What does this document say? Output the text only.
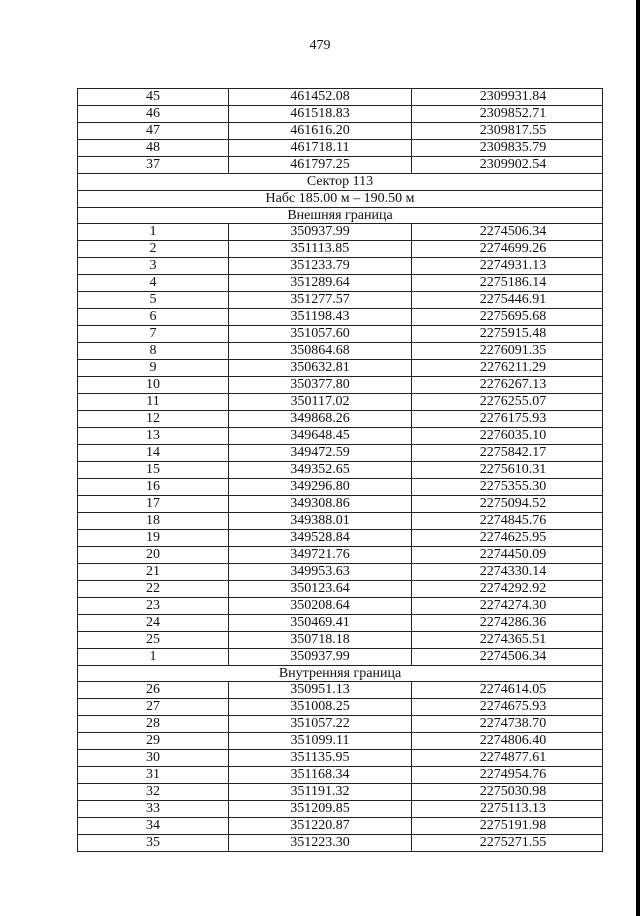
479
45	461452.08	2309931.84
46	461518.83	2309852.71
47	461616.20	2309817.55
48	461718.11	2309835.79
37	461797.25	2309902.54
Сектор 113		
Набс 185.00 м – 190.50 м		
Внешняя граница		
1	350937.99	2274506.34
2	351113.85	2274699.26
3	351233.79	2274931.13
4	351289.64	2275186.14
5	351277.57	2275446.91
6	351198.43	2275695.68
7	351057.60	2275915.48
8	350864.68	2276091.35
9	350632.81	2276211.29
10	350377.80	2276267.13
11	350117.02	2276255.07
12	349868.26	2276175.93
13	349648.45	2276035.10
14	349472.59	2275842.17
15	349352.65	2275610.31
16	349296.80	2275355.30
17	349308.86	2275094.52
18	349388.01	2274845.76
19	349528.84	2274625.95
20	349721.76	2274450.09
21	349953.63	2274330.14
22	350123.64	2274292.92
23	350208.64	2274274.30
24	350469.41	2274286.36
25	350718.18	2274365.51
1	350937.99	2274506.34
Внутренняя граница		
26	350951.13	2274614.05
27	351008.25	2274675.93
28	351057.22	2274738.70
29	351099.11	2274806.40
30	351135.95	2274877.61
31	351168.34	2274954.76
32	351191.32	2275030.98
33	351209.85	2275113.13
34	351220.87	2275191.98
35	351223.30	2275271.55
